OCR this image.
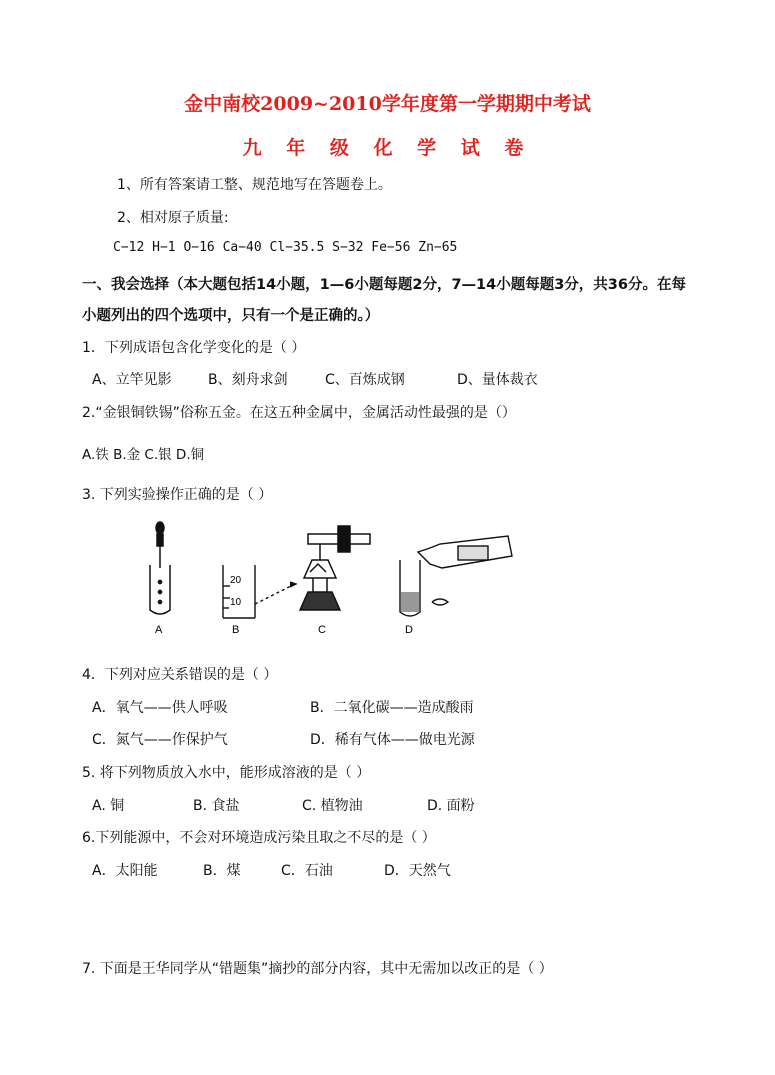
金中南校2009~2010学年度第一学期期中考试
九 年 级 化 学 试 卷
1、所有答案请工整、规范地写在答题卷上。
2、相对原子质量:
C−12 H−1 O−16 Ca−40 Cl−35.5 S−32 Fe−56 Zn−65
一、我会选择（本大题包括14小题，1—6小题每题2分，7—14小题每题3分，共36分。在每
小题列出的四个选项中，只有一个是正确的。）
1．下列成语包含化学变化的是（ ）
A、立竿见影	B、刻舟求剑	C、百炼成钢	D、量体裁衣
2.“金银铜铁锡”俗称五金。在这五种金属中，金属活动性最强的是（）
A.铁 B.金 C.银 D.铜
3. 下列实验操作正确的是（ ）
A
20
10
B	C	D
4．下列对应关系错误的是（ ）
A．氧气——供人呼吸	B．二氧化碳——造成酸雨
C．氮气——作保护气	D．稀有气体——做电光源
5. 将下列物质放入水中，能形成溶液的是（ ）
A. 铜	B. 食盐	C. 植物油	D. 面粉
6.下列能源中，不会对环境造成污染且取之不尽的是（ ）
A．太阳能	B．煤	C．石油	D．天然气
7. 下面是王华同学从“错题集”摘抄的部分内容，其中无需加以改正的是（ ）
